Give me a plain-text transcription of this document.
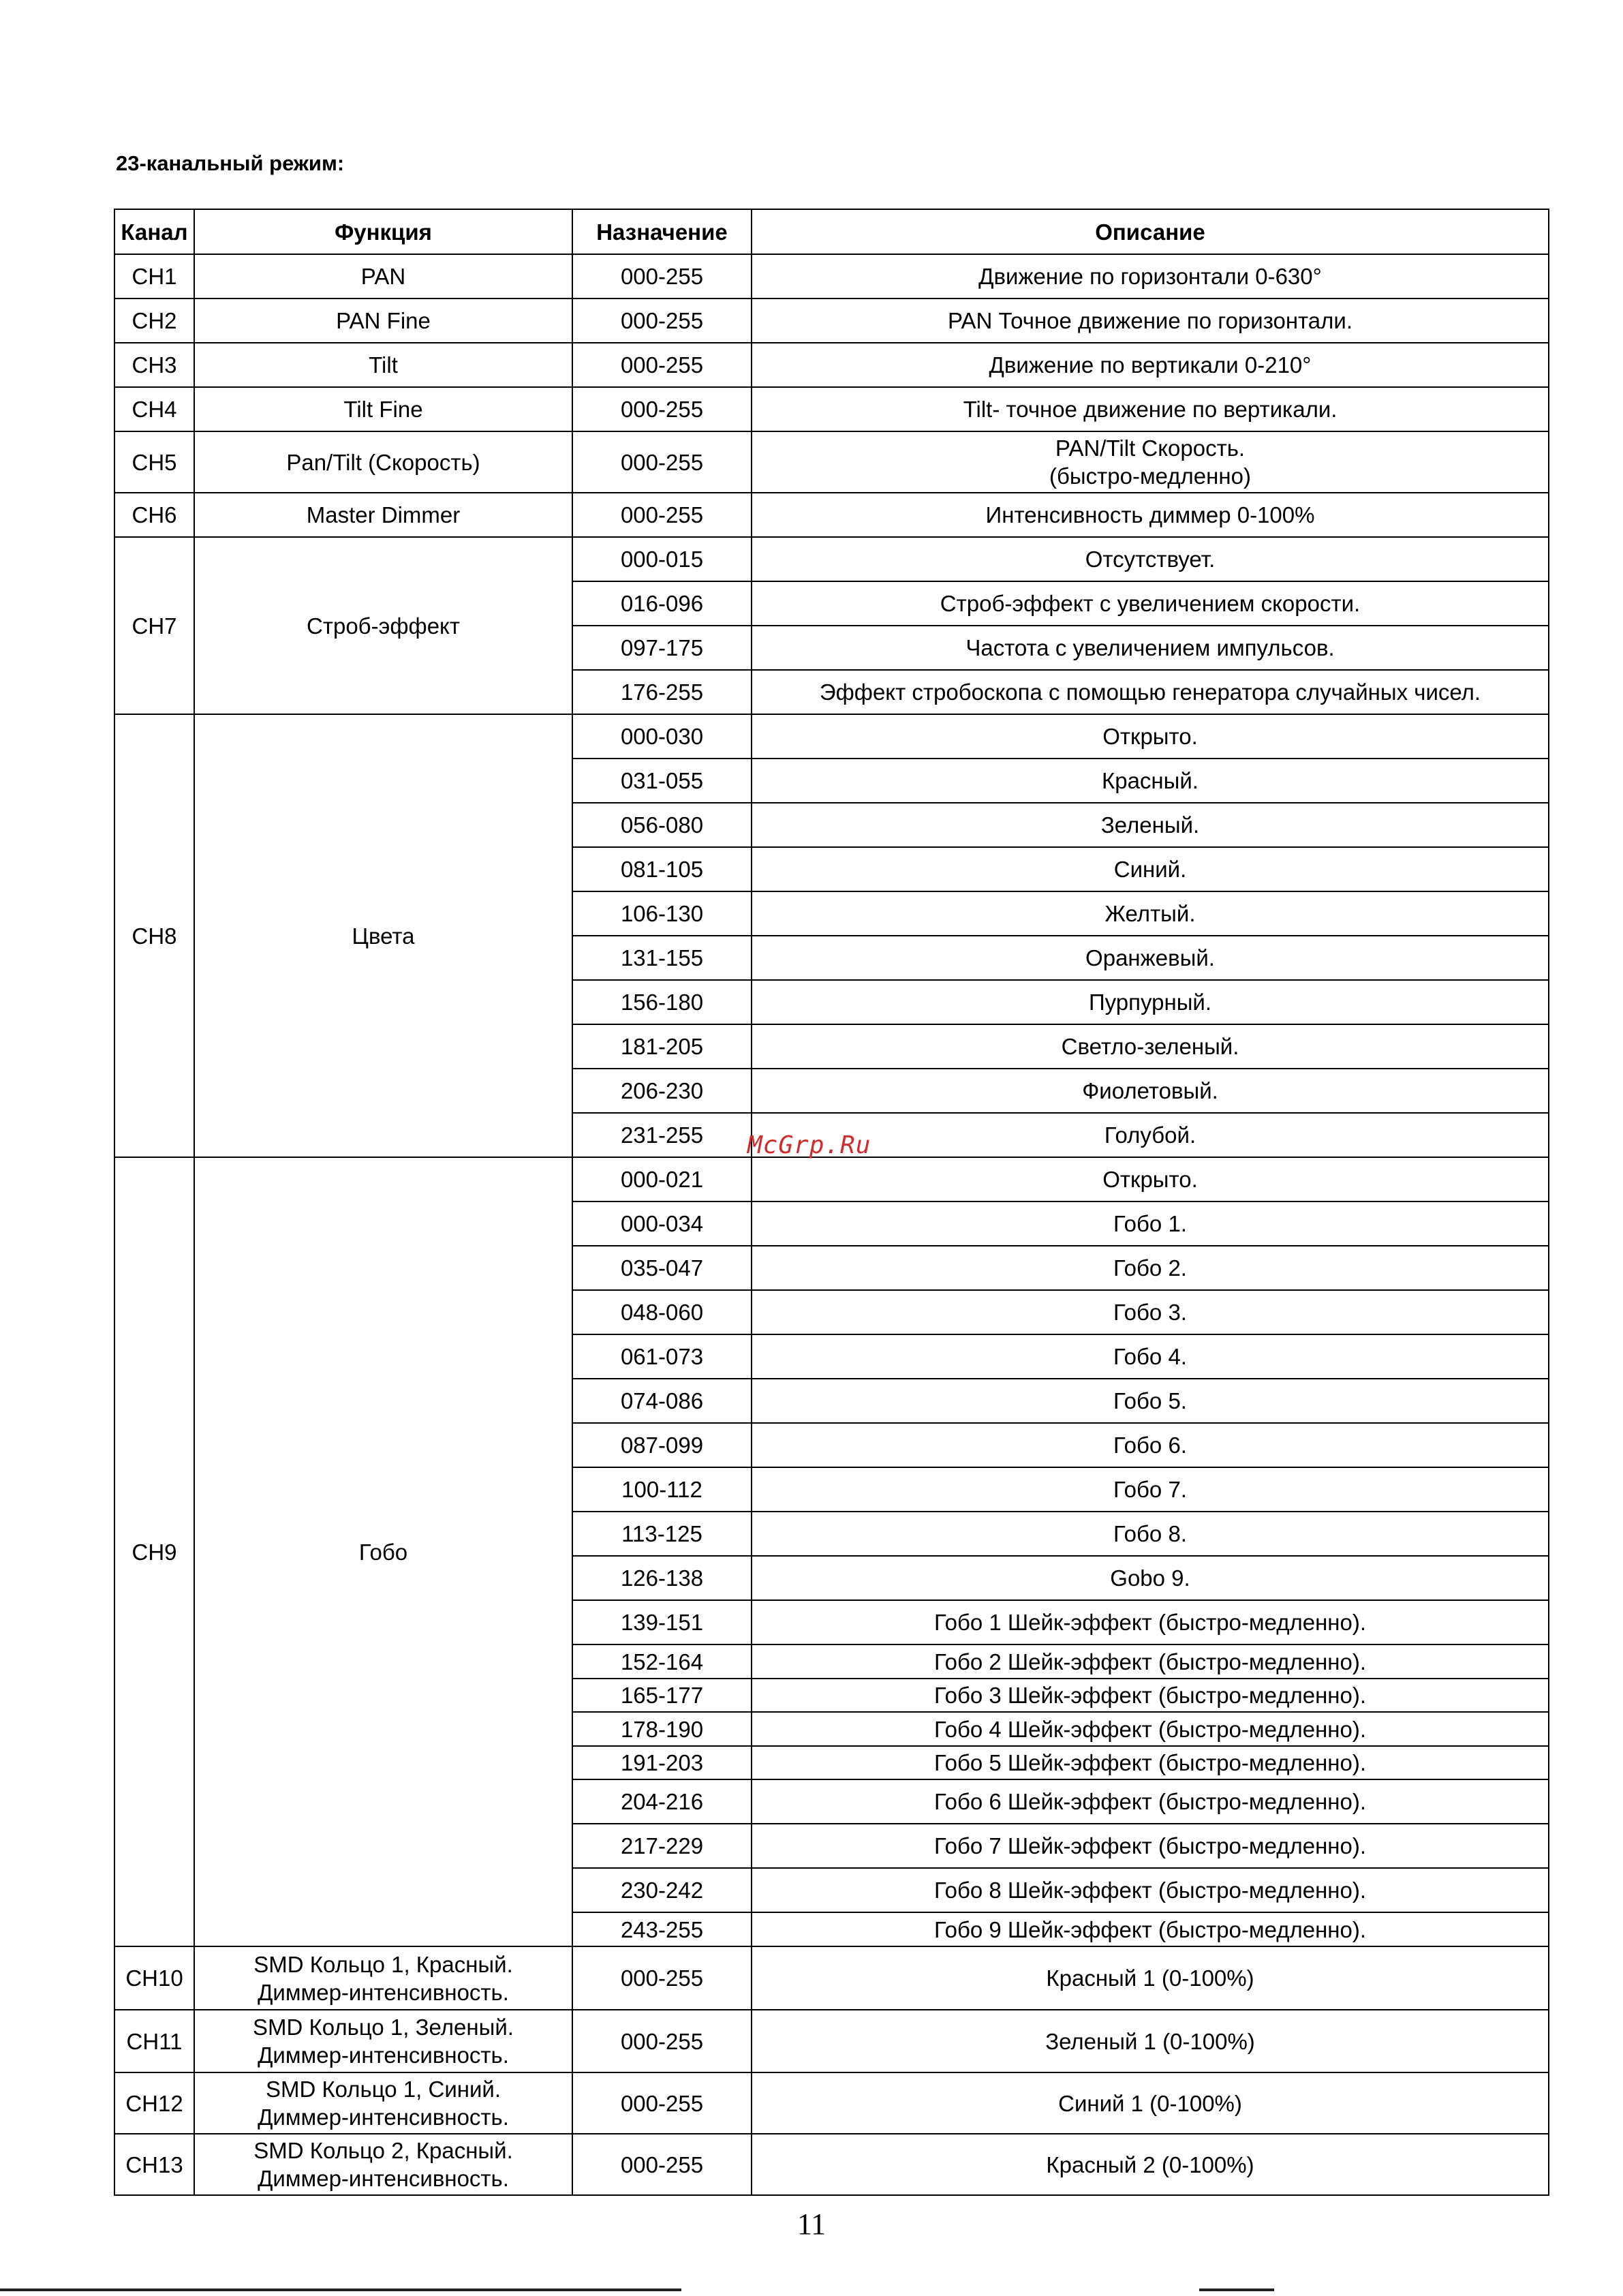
23-канальный режим:
Канал	Функция	Назначение	Описание
CH1	PAN	000-255	Движение по горизонтали 0-630°
CH2	PAN Fine	000-255	PAN Точное движение по горизонтали.
CH3	Tilt	000-255	Движение по вертикали 0-210°
CH4	Tilt Fine	000-255	Tilt- точное движение по вертикали.
CH5	Pan/Tilt (Скорость)	000-255	PAN/Tilt Скорость.
(быстро-медленно)
CH6	Master Dimmer	000-255	Интенсивность диммер 0-100%
CH7	Строб-эффект	000-015	Отсутствует.
		016-096	Строб-эффект с увеличением скорости.
		097-175	Частота с увеличением импульсов.
		176-255	Эффект стробоскопа с помощью генератора случайных чисел.
CH8	Цвета	000-030	Открыто.
		031-055	Красный.
		056-080	Зеленый.
		081-105	Синий.
		106-130	Желтый.
		131-155	Оранжевый.
		156-180	Пурпурный.
		181-205	Светло-зеленый.
		206-230	Фиолетовый.
		231-255	Голубой.
CH9	Гобо	000-021	Открыто.
		000-034	Гобо 1.
		035-047	Гобо 2.
		048-060	Гобо 3.
		061-073	Гобо 4.
		074-086	Гобо 5.
		087-099	Гобо 6.
		100-112	Гобо 7.
		113-125	Гобо 8.
		126-138	Gobo 9.
		139-151	Гобо 1 Шейк-эффект (быстро-медленно).
		152-164	Гобо 2 Шейк-эффект (быстро-медленно).
		165-177	Гобо 3 Шейк-эффект (быстро-медленно).
		178-190	Гобо 4 Шейк-эффект (быстро-медленно).
		191-203	Гобо 5 Шейк-эффект (быстро-медленно).
		204-216	Гобо 6 Шейк-эффект (быстро-медленно).
		217-229	Гобо 7 Шейк-эффект (быстро-медленно).
		230-242	Гобо 8 Шейк-эффект (быстро-медленно).
		243-255	Гобо 9 Шейк-эффект (быстро-медленно).
CH10	SMD Кольцо 1, Красный.
Диммер-интенсивность.	000-255	Красный 1 (0-100%)
CH11	SMD Кольцо 1, Зеленый.
Диммер-интенсивность.	000-255	Зеленый 1 (0-100%)
CH12	SMD Кольцо 1, Синий.
Диммер-интенсивность.	000-255	Синий 1 (0-100%)
CH13	SMD Кольцо 2, Красный.
Диммер-интенсивность.	000-255	Красный 2 (0-100%)
McGrp.Ru
11
